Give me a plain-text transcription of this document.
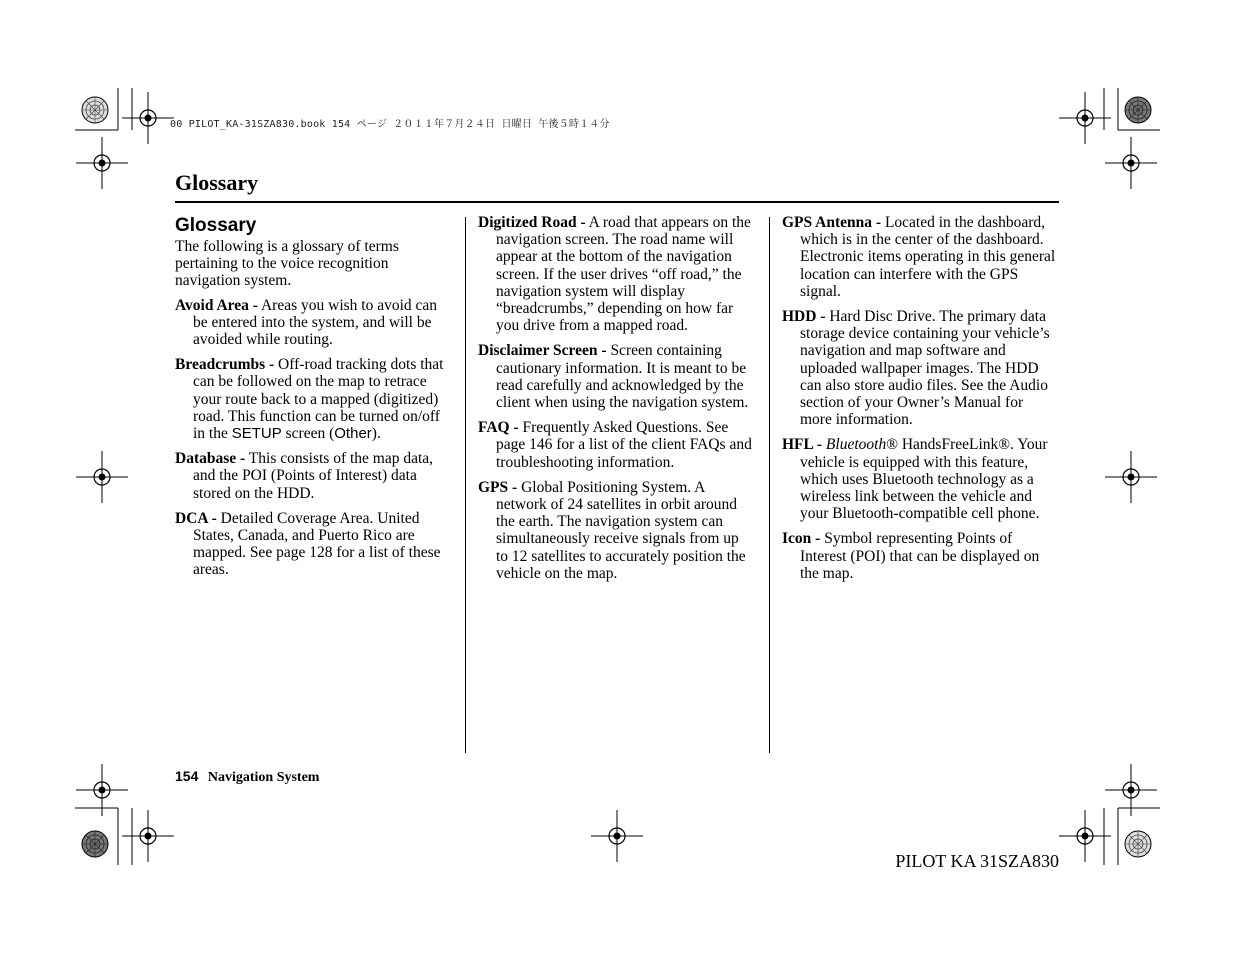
00 PILOT_KA-31SZA830.book 154 ページ ２０１１年７月２４日 日曜日 午後５時１４分
Glossary
Glossary

The following is a glossary of terms pertaining to the voice recognition navigation system.

Avoid Area - Areas you wish to avoid can be entered into the system, and will be avoided while routing.

Breadcrumbs - Off-road tracking dots that can be followed on the map to retrace your route back to a mapped (digitized) road. This function can be turned on/off in the SETUP screen (Other).

Database - This consists of the map data, and the POI (Points of Interest) data stored on the HDD.

DCA - Detailed Coverage Area. United States, Canada, and Puerto Rico are mapped. See page 128 for a list of these areas.

Digitized Road - A road that appears on the navigation screen. The road name will appear at the bottom of the navigation screen. If the user drives “off road,” the navigation system will display “breadcrumbs,” depending on how far you drive from a mapped road.

Disclaimer Screen - Screen containing cautionary information. It is meant to be read carefully and acknowledged by the client when using the navigation system.

FAQ - Frequently Asked Questions. See page 146 for a list of the client FAQs and troubleshooting information.

GPS - Global Positioning System. A network of 24 satellites in orbit around the earth. The navigation system can simultaneously receive signals from up to 12 satellites to accurately position the vehicle on the map.

GPS Antenna - Located in the dashboard, which is in the center of the dashboard. Electronic items operating in this general location can interfere with the GPS signal.

HDD - Hard Disc Drive. The primary data storage device containing your vehicle’s navigation and map software and uploaded wallpaper images. The HDD can also store audio files. See the Audio section of your Owner’s Manual for more information.

HFL - Bluetooth® HandsFreeLink®. Your vehicle is equipped with this feature, which uses Bluetooth technology as a wireless link between the vehicle and your Bluetooth-compatible cell phone.

Icon - Symbol representing Points of Interest (POI) that can be displayed on the map.

154 Navigation System
PILOT KA 31SZA830
